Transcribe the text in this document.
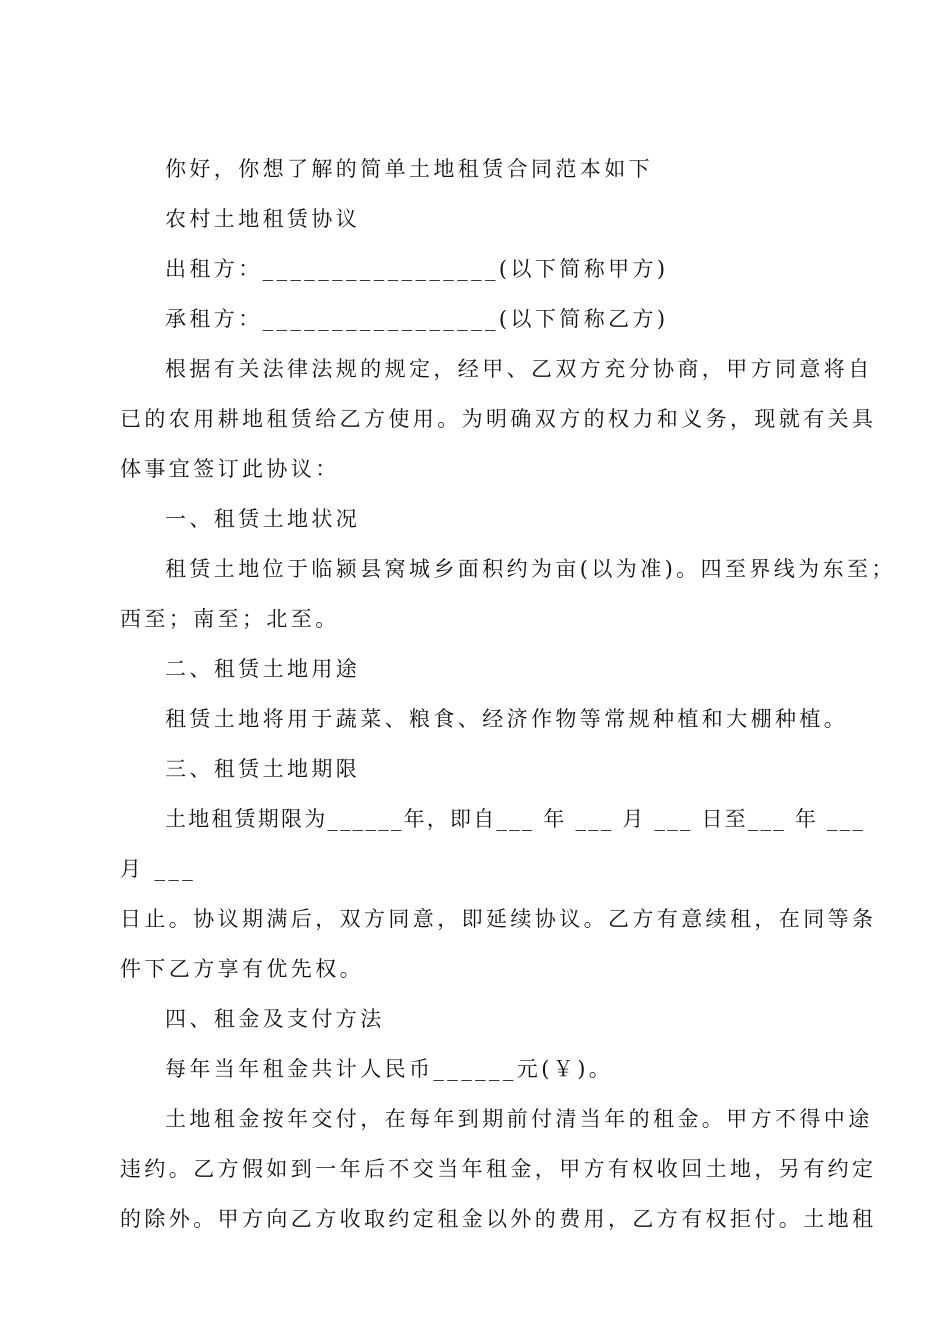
你好，你想了解的简单土地租赁合同范本如下
农村土地租赁协议
出租方：_________________(以下简称甲方)
承租方：_________________(以下简称乙方)
根据有关法律法规的规定，经甲、乙双方充分协商，甲方同意将自
已的农用耕地租赁给乙方使用。为明确双方的权力和义务，现就有关具
体事宜签订此协议：
一、租赁土地状况
租赁土地位于临颍县窝城乡面积约为亩(以为准)。四至界线为东至；
西至；南至；北至。
二、租赁土地用途
租赁土地将用于蔬菜、粮食、经济作物等常规种植和大棚种植。
三、租赁土地期限
土地租赁期限为______年，即自___ 年 ___ 月 ___ 日至___ 年 ___
月 ___
日止。协议期满后，双方同意，即延续协议。乙方有意续租，在同等条
件下乙方享有优先权。
四、租金及支付方法
每年当年租金共计人民币______元(￥)。
土地租金按年交付，在每年到期前付清当年的租金。甲方不得中途
违约。乙方假如到一年后不交当年租金，甲方有权收回土地，另有约定
的除外。甲方向乙方收取约定租金以外的费用，乙方有权拒付。土地租
